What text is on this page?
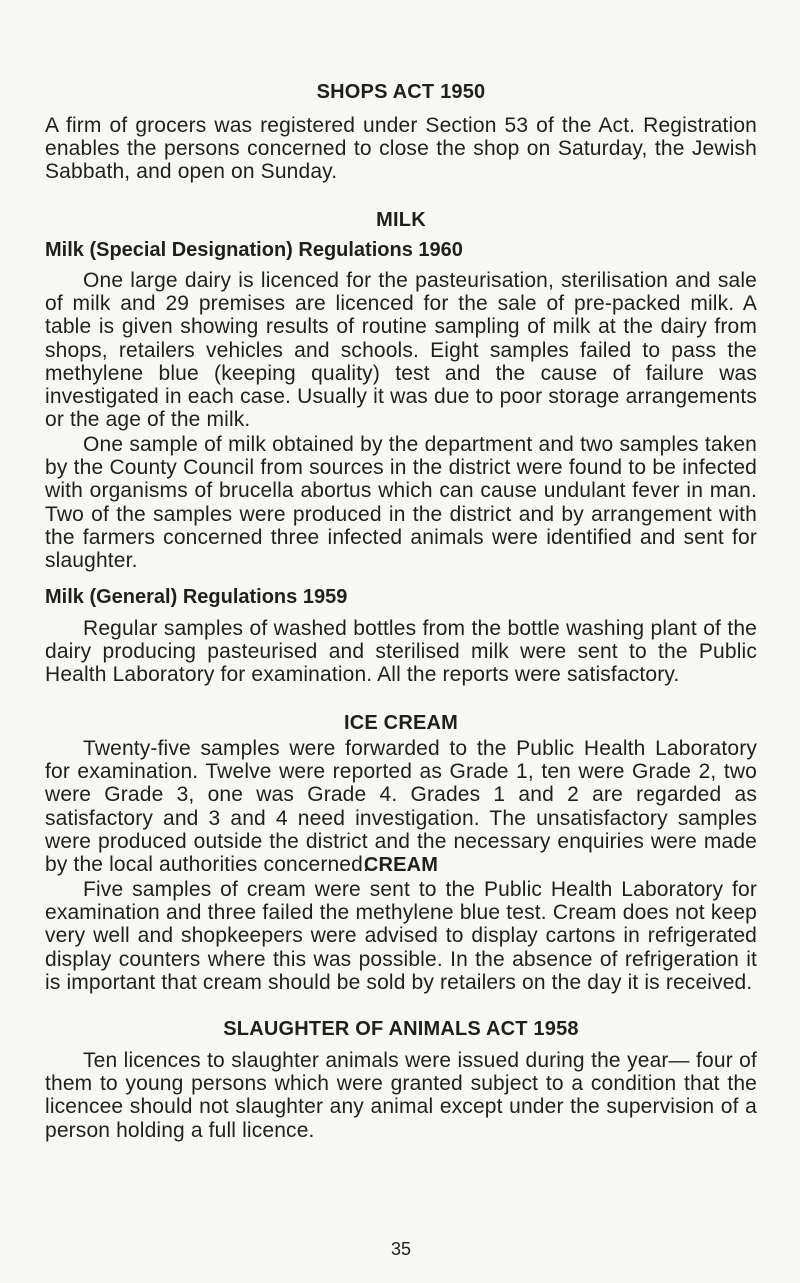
SHOPS ACT 1950

A firm of grocers was registered under Section 53 of the Act. Registration enables the persons concerned to close the shop on Saturday, the Jewish Sabbath, and open on Sunday.

MILK
Milk (Special Designation) Regulations 1960

One large dairy is licenced for the pasteurisation, sterilisation and sale of milk and 29 premises are licenced for the sale of pre-packed milk. A table is given showing results of routine sampling of milk at the dairy from shops, retailers vehicles and schools. Eight samples failed to pass the methylene blue (keeping quality) test and the cause of failure was investigated in each case. Usually it was due to poor storage arrangements or the age of the milk.

One sample of milk obtained by the department and two samples taken by the County Council from sources in the district were found to be infected with organisms of brucella abortus which can cause undulant fever in man. Two of the samples were produced in the district and by arrangement with the farmers concerned three infected animals were identified and sent for slaughter.

Milk (General) Regulations 1959

Regular samples of washed bottles from the bottle washing plant of the dairy producing pasteurised and sterilised milk were sent to the Public Health Laboratory for examination. All the reports were satisfactory.

ICE CREAM

Twenty-five samples were forwarded to the Public Health Laboratory for examination. Twelve were reported as Grade 1, ten were Grade 2, two were Grade 3, one was Grade 4. Grades 1 and 2 are regarded as satisfactory and 3 and 4 need investigation. The unsatisfactory samples were produced outside the district and the necessary enquiries were made by the local authorities concerned.

CREAM

Five samples of cream were sent to the Public Health Laboratory for examination and three failed the methylene blue test. Cream does not keep very well and shopkeepers were advised to display cartons in refrigerated display counters where this was possible. In the absence of refrigeration it is important that cream should be sold by retailers on the day it is received.

SLAUGHTER OF ANIMALS ACT 1958

Ten licences to slaughter animals were issued during the year— four of them to young persons which were granted subject to a condition that the licencee should not slaughter any animal except under the supervision of a person holding a full licence.

35
